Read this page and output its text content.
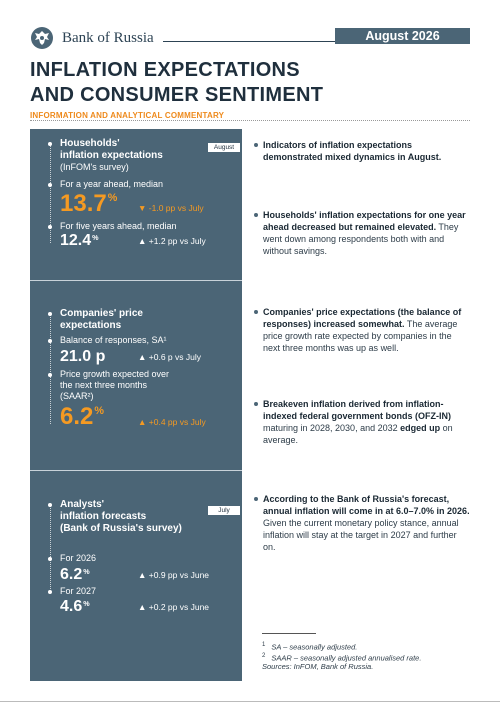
Bank of Russia	August 2026
INFLATION EXPECTATIONS
AND CONSUMER SENTIMENT
INFORMATION AND ANALYTICAL COMMENTARY
Households'
inflation expectations
(InFOM's survey)
August
For a year ahead, median
13.7%
▼ -1.0 pp vs July
For five years ahead, median
12.4%	▲ +1.2 pp vs July
Companies' price
expectations
Balance of responses, SA¹
21.0 p	▲ +0.6 p vs July
Price growth expected over
the next three months
(SAAR²)
6.2%
▲ +0.4 pp vs July
Analysts'
inflation forecasts
(Bank of Russia's survey)
July
For 2026
6.2%	▲ +0.9 pp vs June
For 2027
4.6%	▲ +0.2 pp vs June
Indicators of inflation expectations demonstrated mixed dynamics in August.
Households' inflation expectations for one year ahead decreased but remained elevated. They went down among respondents both with and without savings.
Companies' price expectations (the balance of responses) increased somewhat. The average price growth rate expected by companies in the next three months was up as well.
Breakeven inflation derived from inflation-indexed federal government bonds (OFZ-IN) maturing in 2028, 2030, and 2032 edged up on average.
According to the Bank of Russia's forecast, annual inflation will come in at 6.0–7.0% in 2026. Given the current monetary policy stance, annual inflation will stay at the target in 2027 and further on.
$^1$ SA – seasonally adjusted.
$^2$ SAAR – seasonally adjusted annualised rate.
Sources: InFOM, Bank of Russia.
